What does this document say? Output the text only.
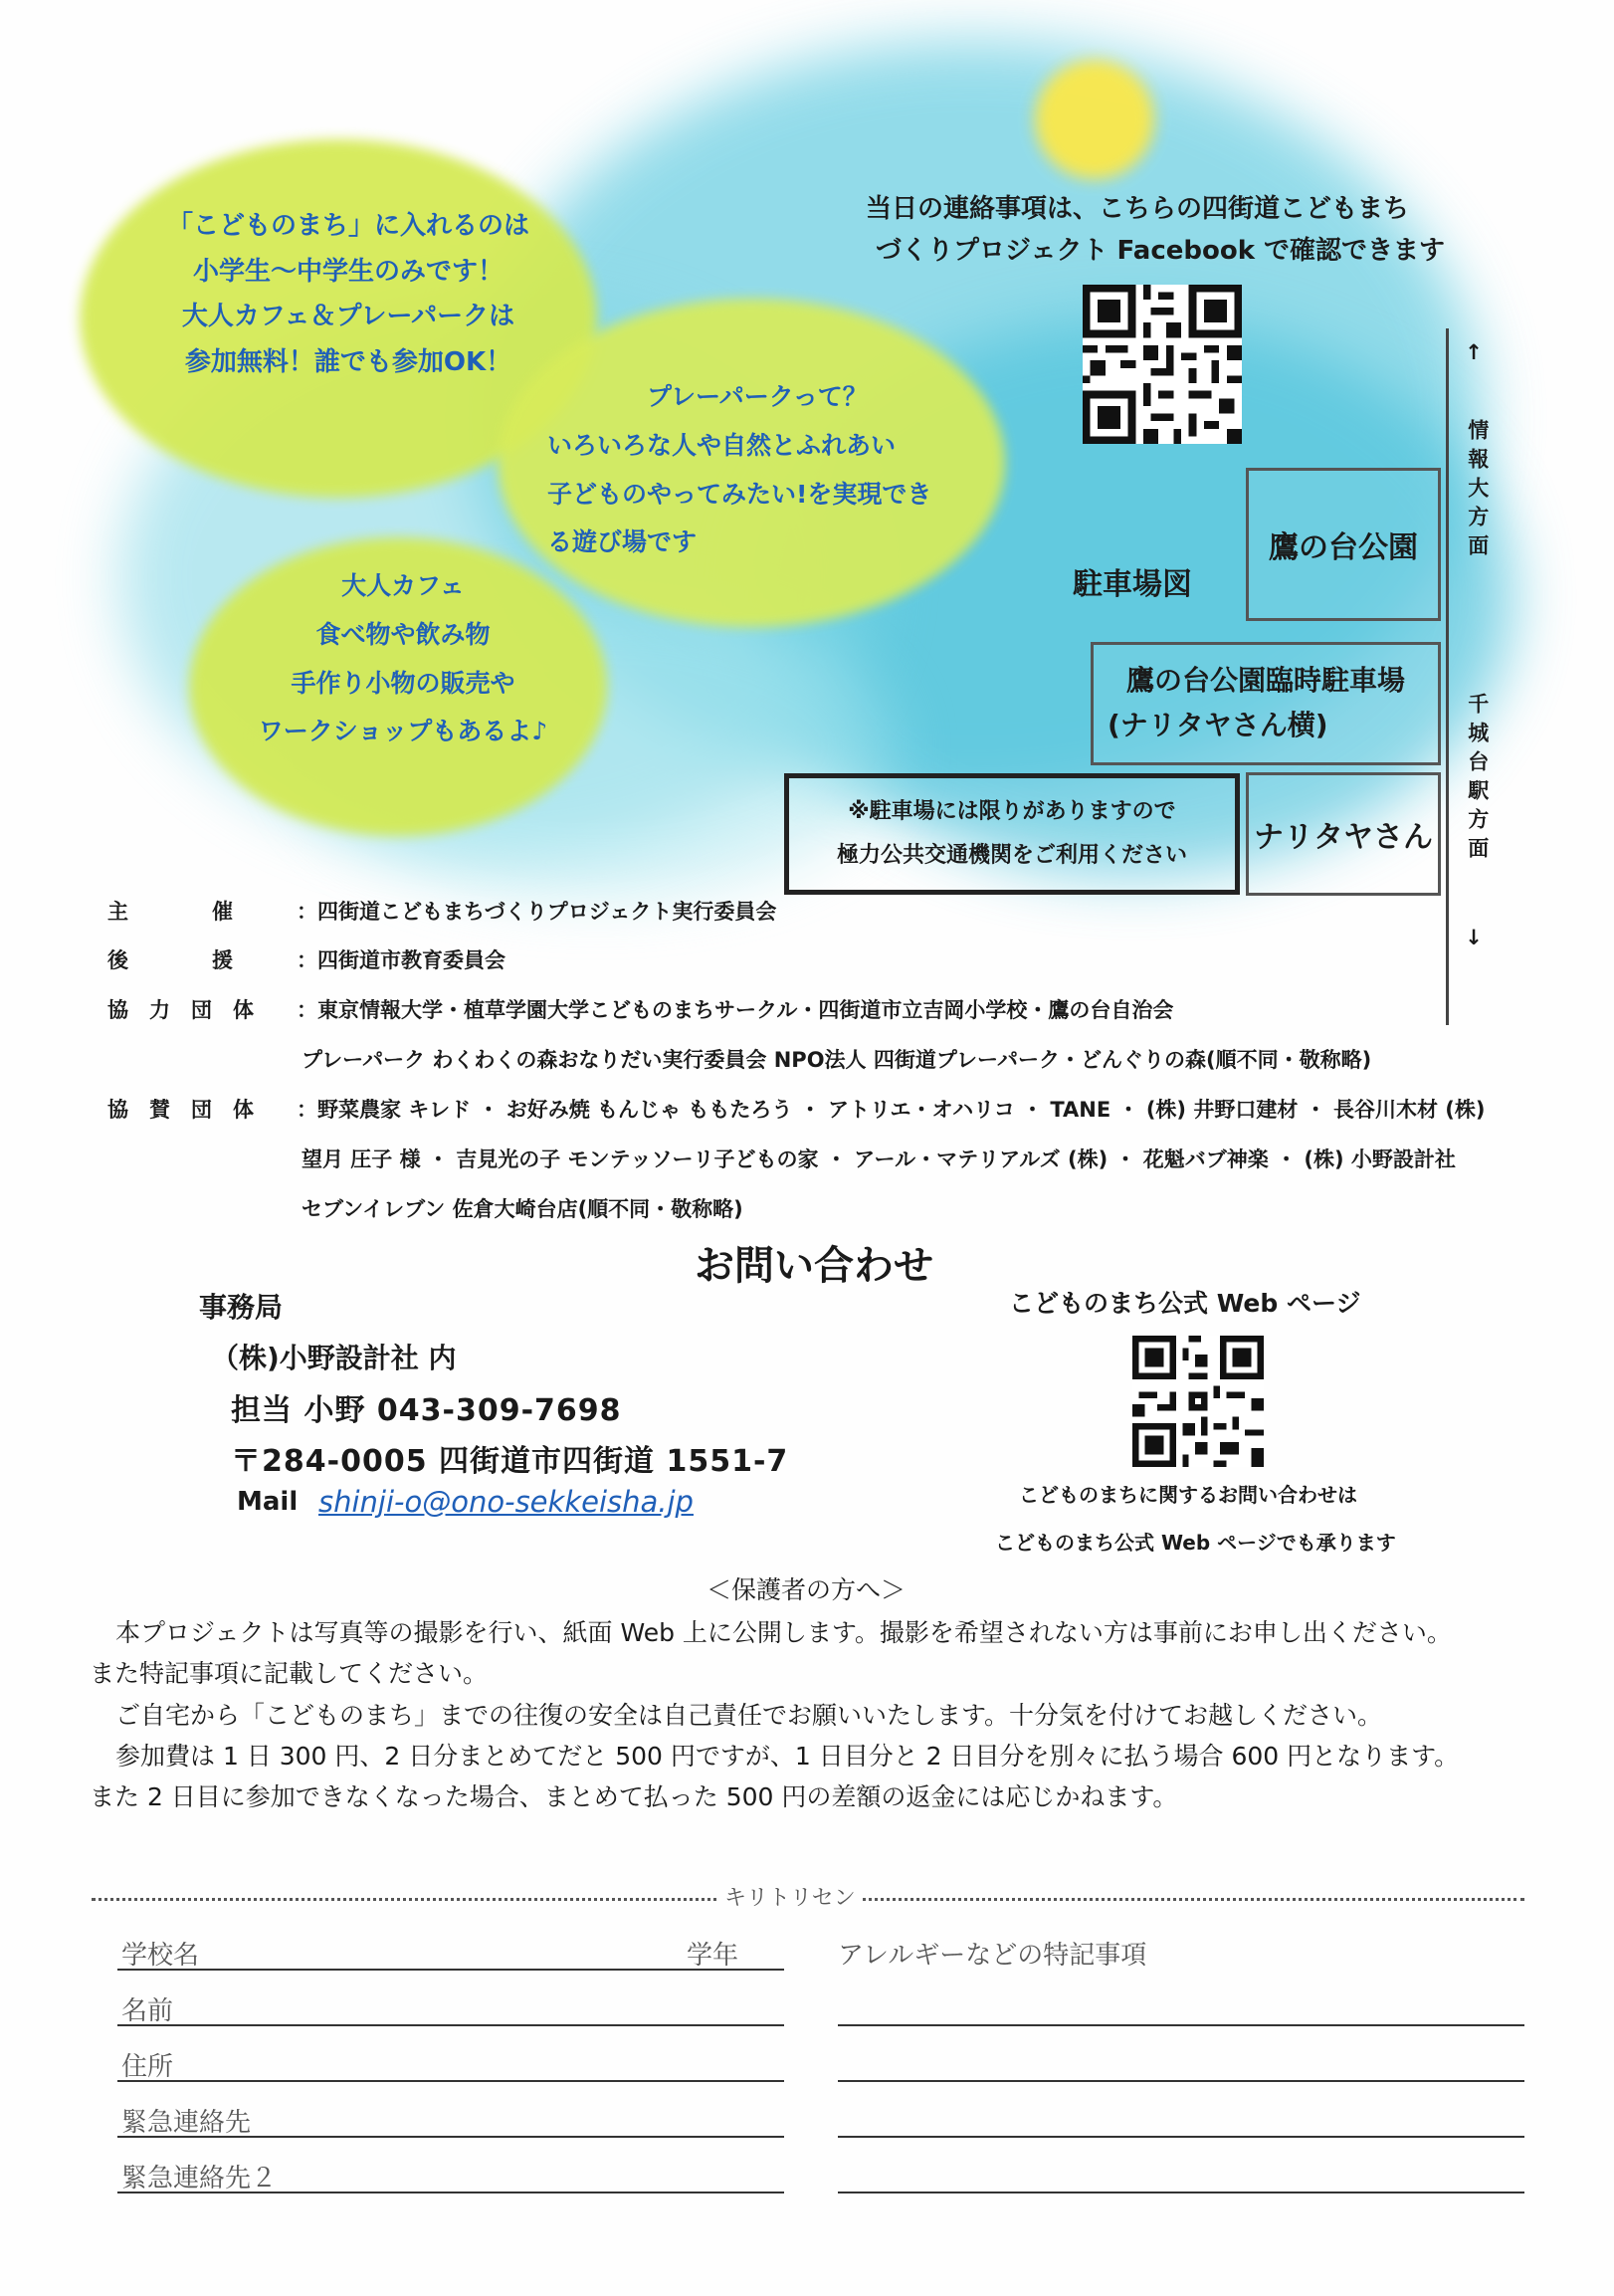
「こどものまち」に入れるのは
小学生～中学生のみです！
大人カフェ＆プレーパークは
参加無料！誰でも参加OK！
プレーパークって？
いろいろな人や自然とふれあい
子どものやってみたい!を実現でき
る遊び場です
大人カフェ
食べ物や飲み物
手作り小物の販売や
ワークショップもあるよ♪
当日の連絡事項は、こちらの四街道こどもまち
づくりプロジェクト Facebook で確認できます
駐車場図
鷹の台公園
鷹の台公園臨時駐車場
(ナリタヤさん横)
ナリタヤさん
※駐車場には限りがありますので
極力公共交通機関をご利用ください
↑
情報大方面
千城台駅方面
↓
主　　　　催	：四街道こどもまちづくりプロジェクト実行委員会
後　　　　援	：四街道市教育委員会
協　力　団　体 ：東京情報大学・植草学園大学こどものまちサークル・四街道市立吉岡小学校・鷹の台自治会
プレーパーク わくわくの森おなりだい実行委員会 NPO法人 四街道プレーパーク・どんぐりの森(順不同・敬称略)
協　賛　団　体 ：野菜農家 キレド ・ お好み焼 もんじゃ ももたろう ・ アトリエ・オハリコ ・ TANE ・ (株) 井野口建材 ・ 長谷川木材 (株)
望月 圧子 様 ・ 吉見光の子 モンテッソーリ子どもの家 ・ アール・マテリアルズ (株) ・ 花魁バブ神楽 ・ (株) 小野設計社
セブンイレブン 佐倉大崎台店(順不同・敬称略)
お問い合わせ
事務局
（株)小野設計社 内
担当 小野 043-309-7698
〒284-0005 四街道市四街道 1551-7
Mail shinji-o@ono-sekkeisha.jp
こどものまち公式 Web ページ
こどものまちに関するお問い合わせは
こどものまち公式 Web ページでも承ります
＜保護者の方へ＞
本プロジェクトは写真等の撮影を行い、紙面 Web 上に公開します。撮影を希望されない方は事前にお申し出ください。
また特記事項に記載してください。
ご自宅から「こどものまち」までの往復の安全は自己責任でお願いいたします。十分気を付けてお越しください。
参加費は 1 日 300 円、2 日分まとめてだと 500 円ですが、1 日目分と 2 日目分を別々に払う場合 600 円となります。
また 2 日目に参加できなくなった場合、まとめて払った 500 円の差額の返金には応じかねます。
キリトリセン
学校名	学年	アレルギーなどの特記事項
名前
住所
緊急連絡先
緊急連絡先２
